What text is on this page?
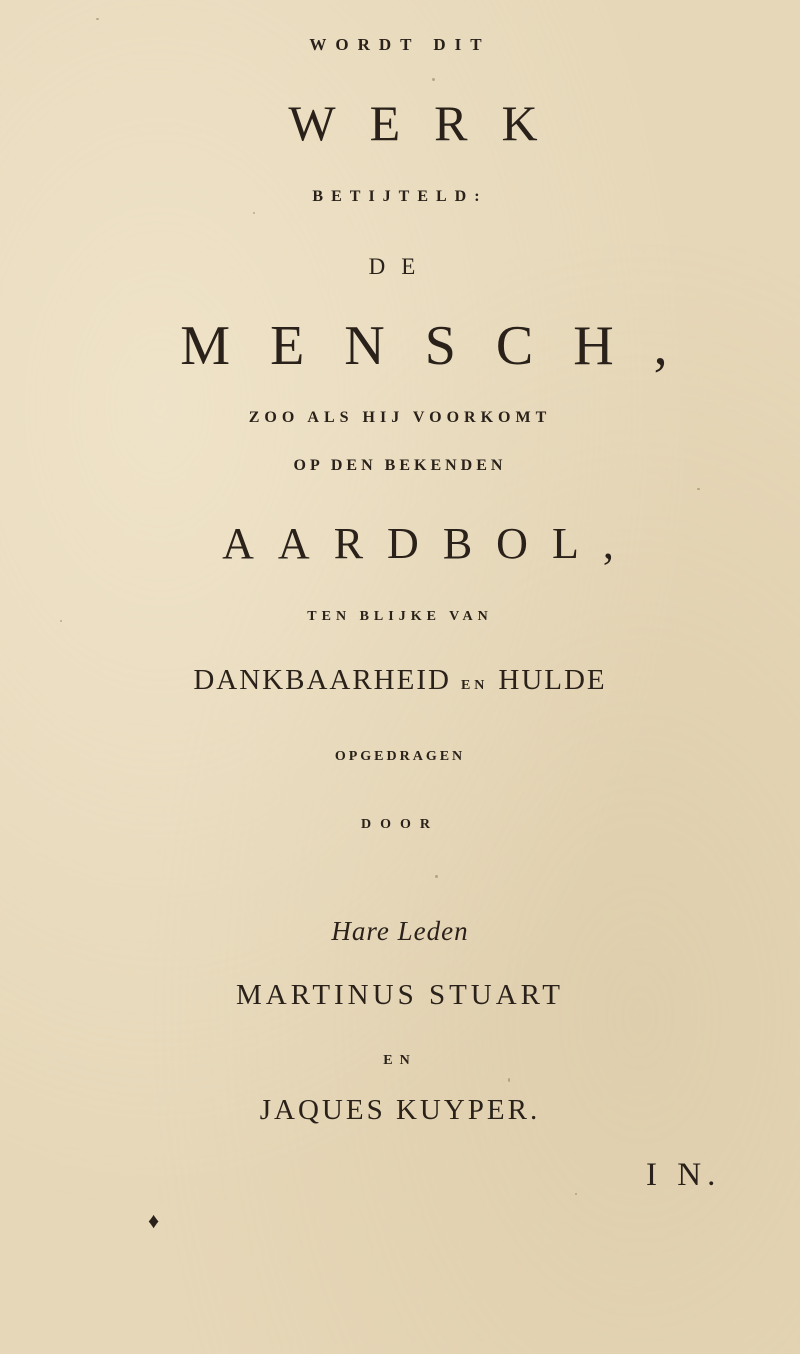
WORDT DIT
WERK
BETIJTELD:
DE
MENSCH,
ZOO ALS HIJ VOORKOMT
OP DEN BEKENDEN
AARDBOL,
TEN BLIJKE VAN
DANKBAARHEID EN HULDE
OPGEDRAGEN
DOOR
Hare Leden
MARTINUS STUART
EN
JAQUES KUYPER.
I N.
♦
